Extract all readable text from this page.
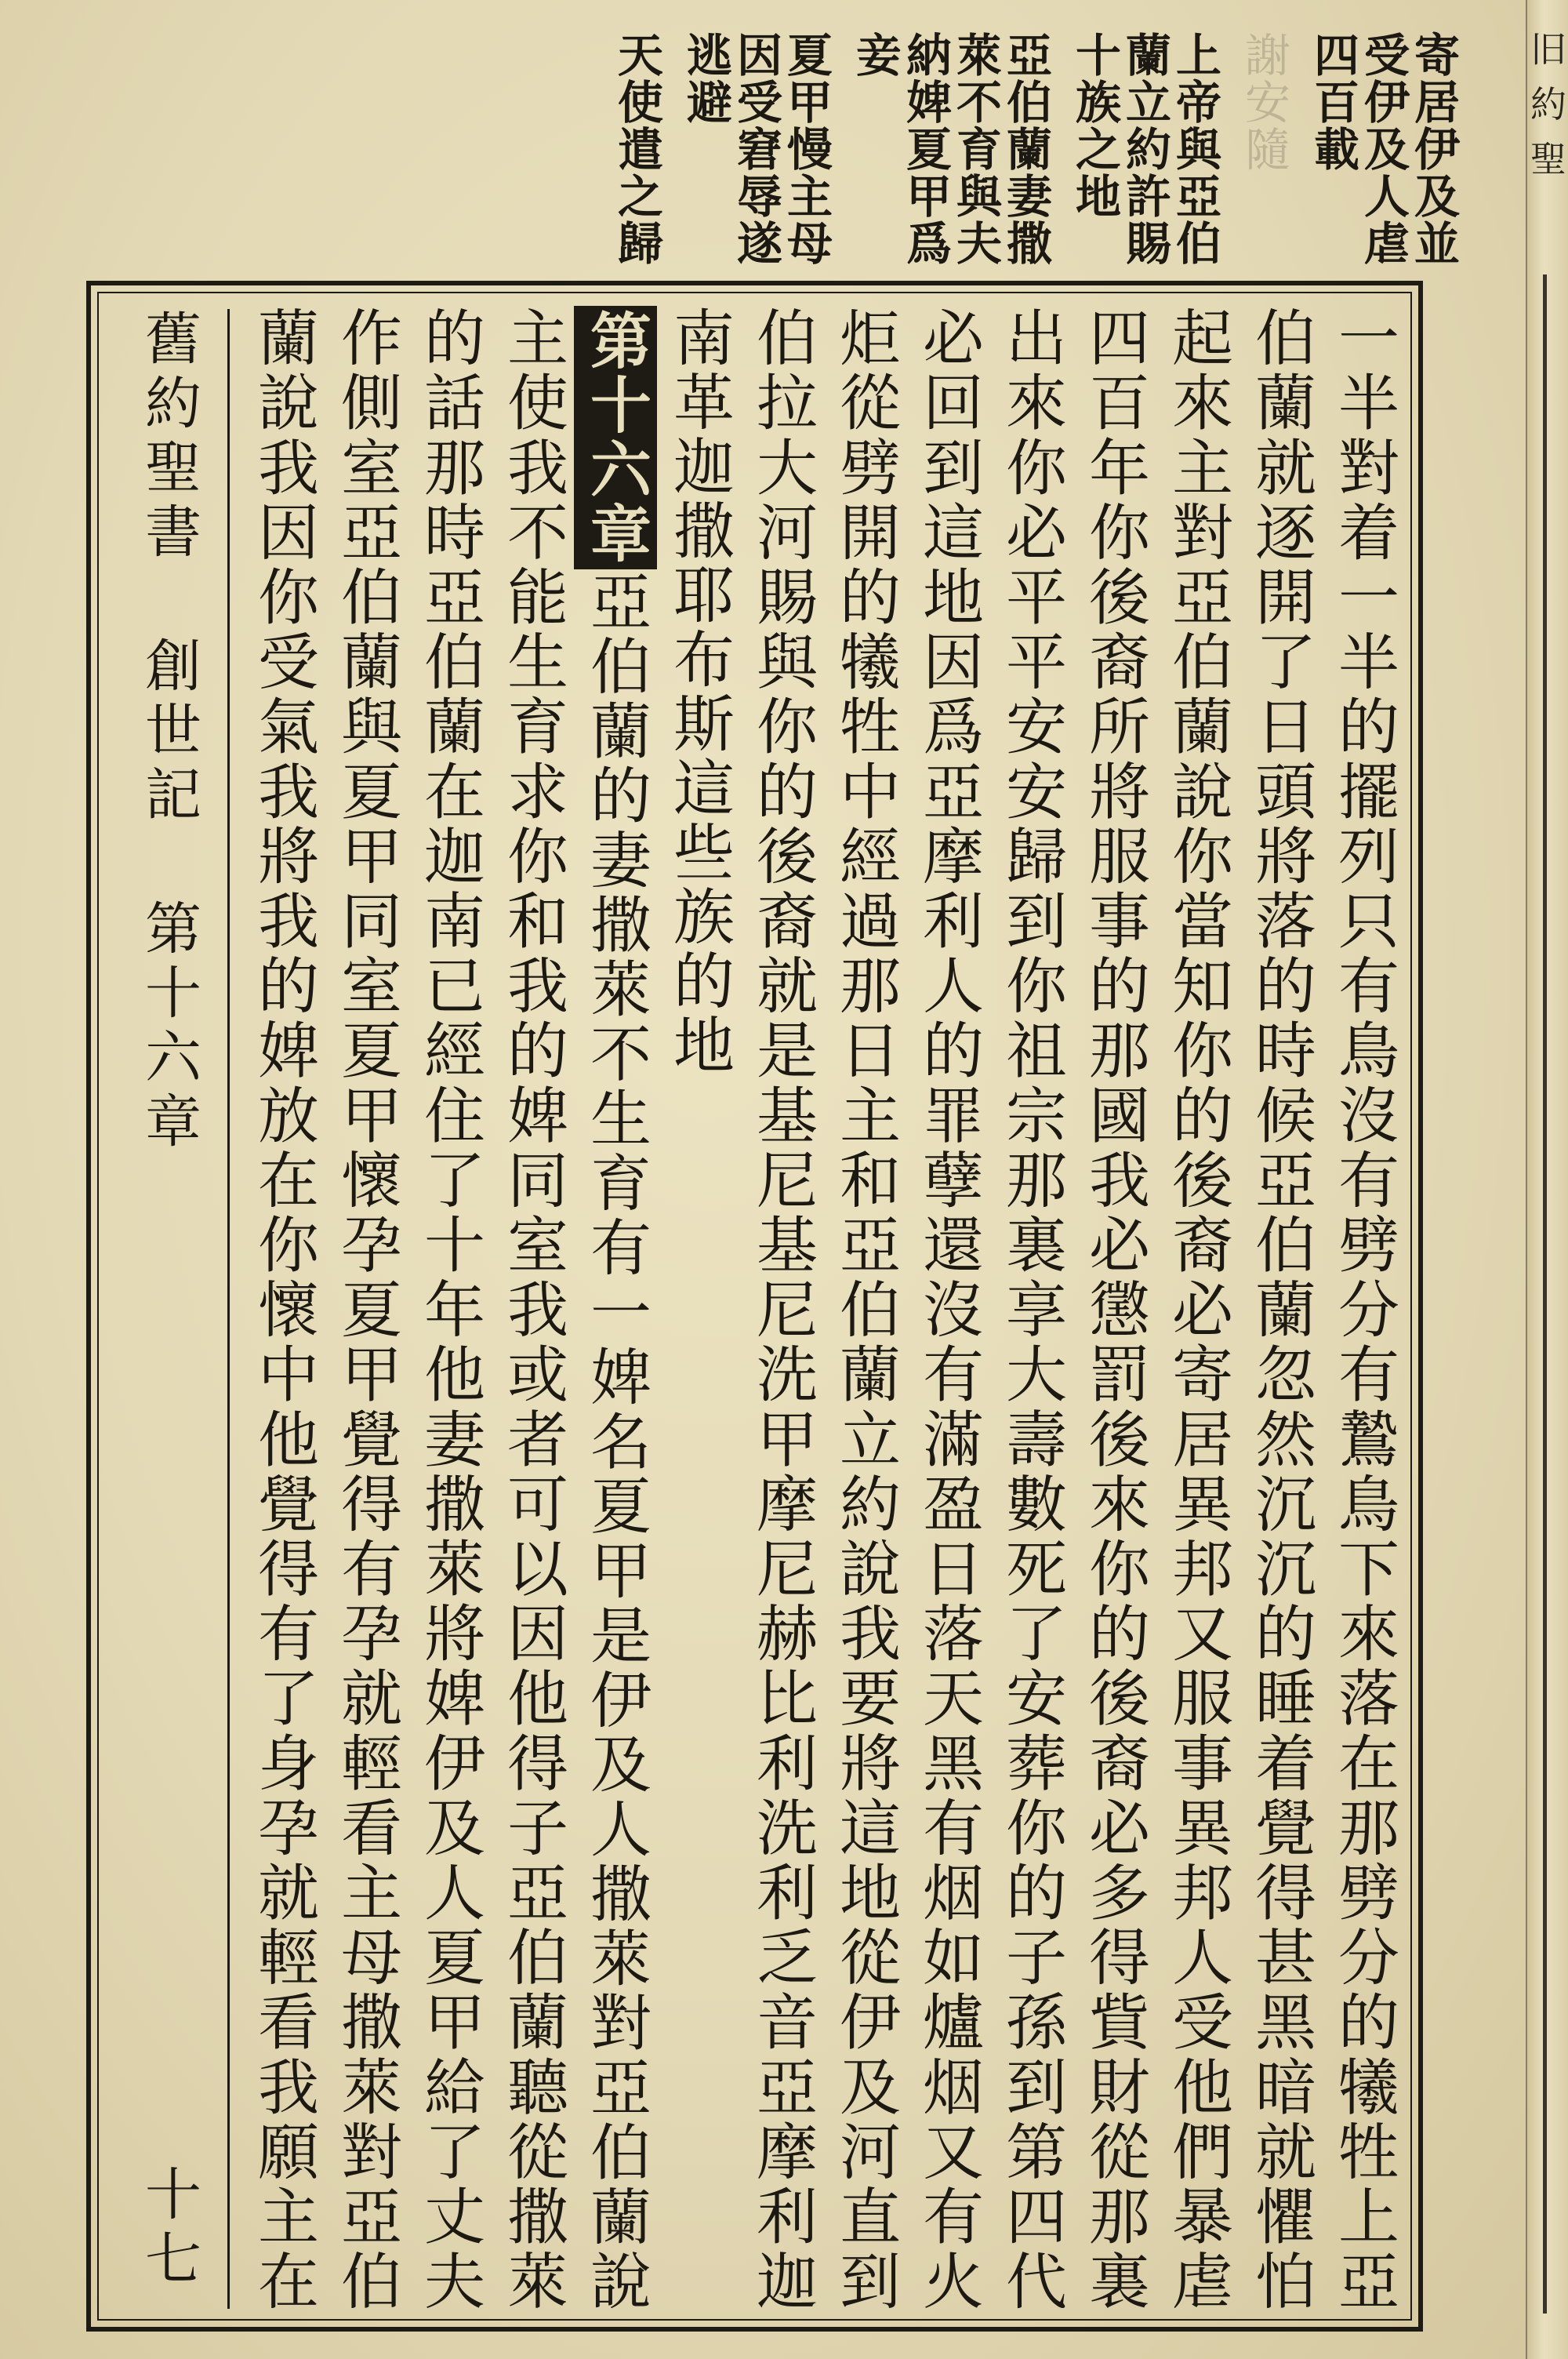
寄居伊及並受伊及人虐四百載 謝安隨 上帝與亞伯蘭立約許賜十族之地 亞伯蘭妻撒萊不育與夫納婢夏甲爲妾 夏甲慢主母因受窘辱遂逃避 天使遣之歸
一半對着一半的擺列只有鳥沒有劈分有鷙鳥下來落在那劈分的犧牲上亞伯蘭就逐開了日頭將落的時候亞伯蘭忽然沉沉的睡着覺得甚黑暗就懼怕起來主對亞伯蘭說你當知你的後裔必寄居異邦又服事異邦人受他們暴虐四百年你後裔所將服事的那國我必懲罰後來你的後裔必多得貲財從那裏出來你必平平安安歸到你祖宗那裏享大壽數死了安葬你的子孫到第四代必回到這地因爲亞摩利人的罪孽還沒有滿盈日落天黑有烟如爐烟又有火炬從劈開的犧牲中經過那日主和亞伯蘭立約說我要將這地從伊及河直到伯拉大河賜與你的後裔就是基尼基尼洗甲摩尼赫比利洗利乏音亞摩利迦南革迦撒耶布斯這些族的地
第十六章亞伯蘭的妻撒萊不生育有一婢名夏甲是伊及人撒萊對亞伯蘭說主使我不能生育求你和我的婢同室我或者可以因他得子亞伯蘭聽從撒萊的話那時亞伯蘭在迦南已經住了十年他妻撒萊將婢伊及人夏甲給了丈夫作側室亞伯蘭與夏甲同室夏甲懷孕夏甲覺得有孕就輕看主母撒萊對亞伯蘭說我因你受氣我將我的婢放在你懷中他覺得有了身孕就輕看我願主在
舊約聖書 創世記 第十六章
十七
旧
約
聖
